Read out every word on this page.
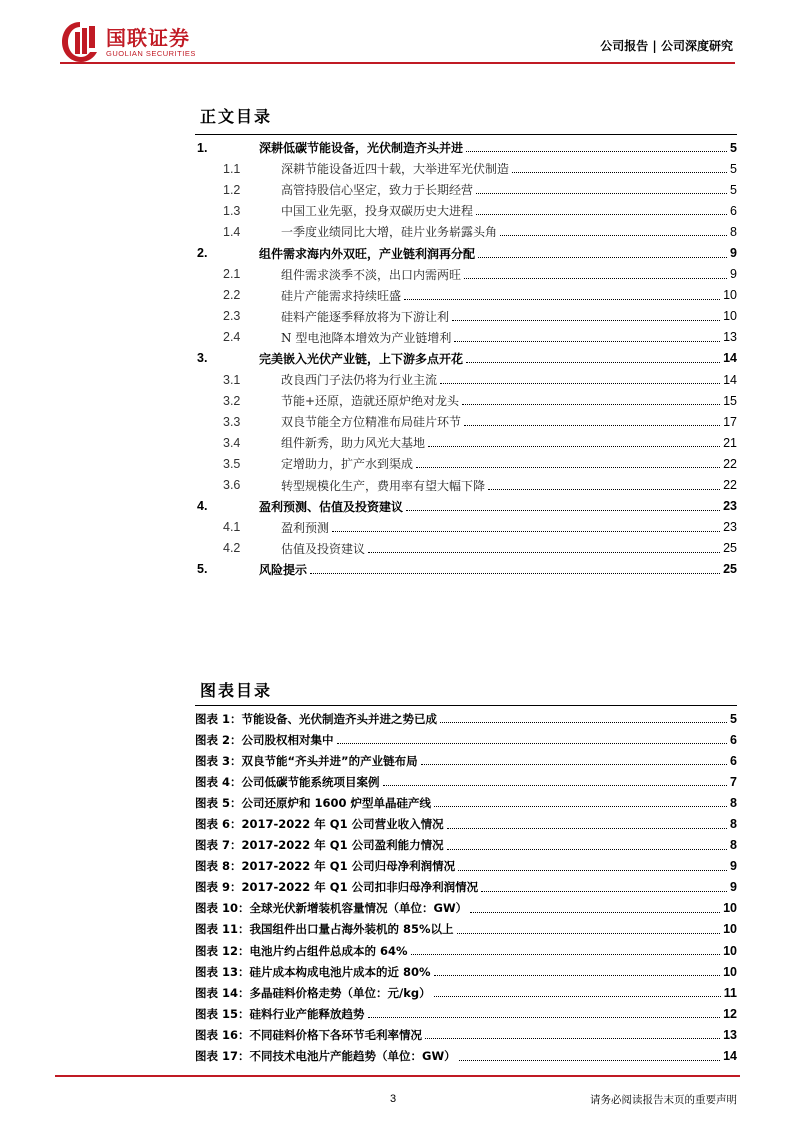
国联证券
GUOLIAN SECURITIES
公司报告 | 公司深度研究
正文目录
1.	深耕低碳节能设备，光伏制造齐头并进	5
1.1	深耕节能设备近四十载，大举进军光伏制造	5
1.2	高管持股信心坚定，致力于长期经营	5
1.3	中国工业先驱，投身双碳历史大进程	6
1.4	一季度业绩同比大增，硅片业务崭露头角	8
2.	组件需求海内外双旺，产业链利润再分配	9
2.1	组件需求淡季不淡，出口内需两旺	9
2.2	硅片产能需求持续旺盛	10
2.3	硅料产能逐季释放将为下游让利	10
2.4	N 型电池降本增效为产业链增利	13
3.	完美嵌入光伏产业链，上下游多点开花	14
3.1	改良西门子法仍将为行业主流	14
3.2	节能+还原，造就还原炉绝对龙头	15
3.3	双良节能全方位精准布局硅片环节	17
3.4	组件新秀，助力风光大基地	21
3.5	定增助力，扩产水到渠成	22
3.6	转型规模化生产，费用率有望大幅下降	22
4.	盈利预测、估值及投资建议	23
4.1	盈利预测	23
4.2	估值及投资建议	25
5.	风险提示	25
图表目录
图表 1：节能设备、光伏制造齐头并进之势已成	5
图表 2：公司股权相对集中	6
图表 3：双良节能“齐头并进”的产业链布局	6
图表 4：公司低碳节能系统项目案例	7
图表 5：公司还原炉和 1600 炉型单晶硅产线	8
图表 6：2017-2022 年 Q1 公司营业收入情况	8
图表 7：2017-2022 年 Q1 公司盈利能力情况	8
图表 8：2017-2022 年 Q1 公司归母净利润情况	9
图表 9：2017-2022 年 Q1 公司扣非归母净利润情况	9
图表 10：全球光伏新增装机容量情况（单位：GW）	10
图表 11：我国组件出口量占海外装机的 85%以上	10
图表 12：电池片约占组件总成本的 64%	10
图表 13：硅片成本构成电池片成本的近 80%	10
图表 14：多晶硅料价格走势（单位：元/kg）	11
图表 15：硅料行业产能释放趋势	12
图表 16：不同硅料价格下各环节毛利率情况	13
图表 17：不同技术电池片产能趋势（单位：GW）	14
3	请务必阅读报告末页的重要声明
